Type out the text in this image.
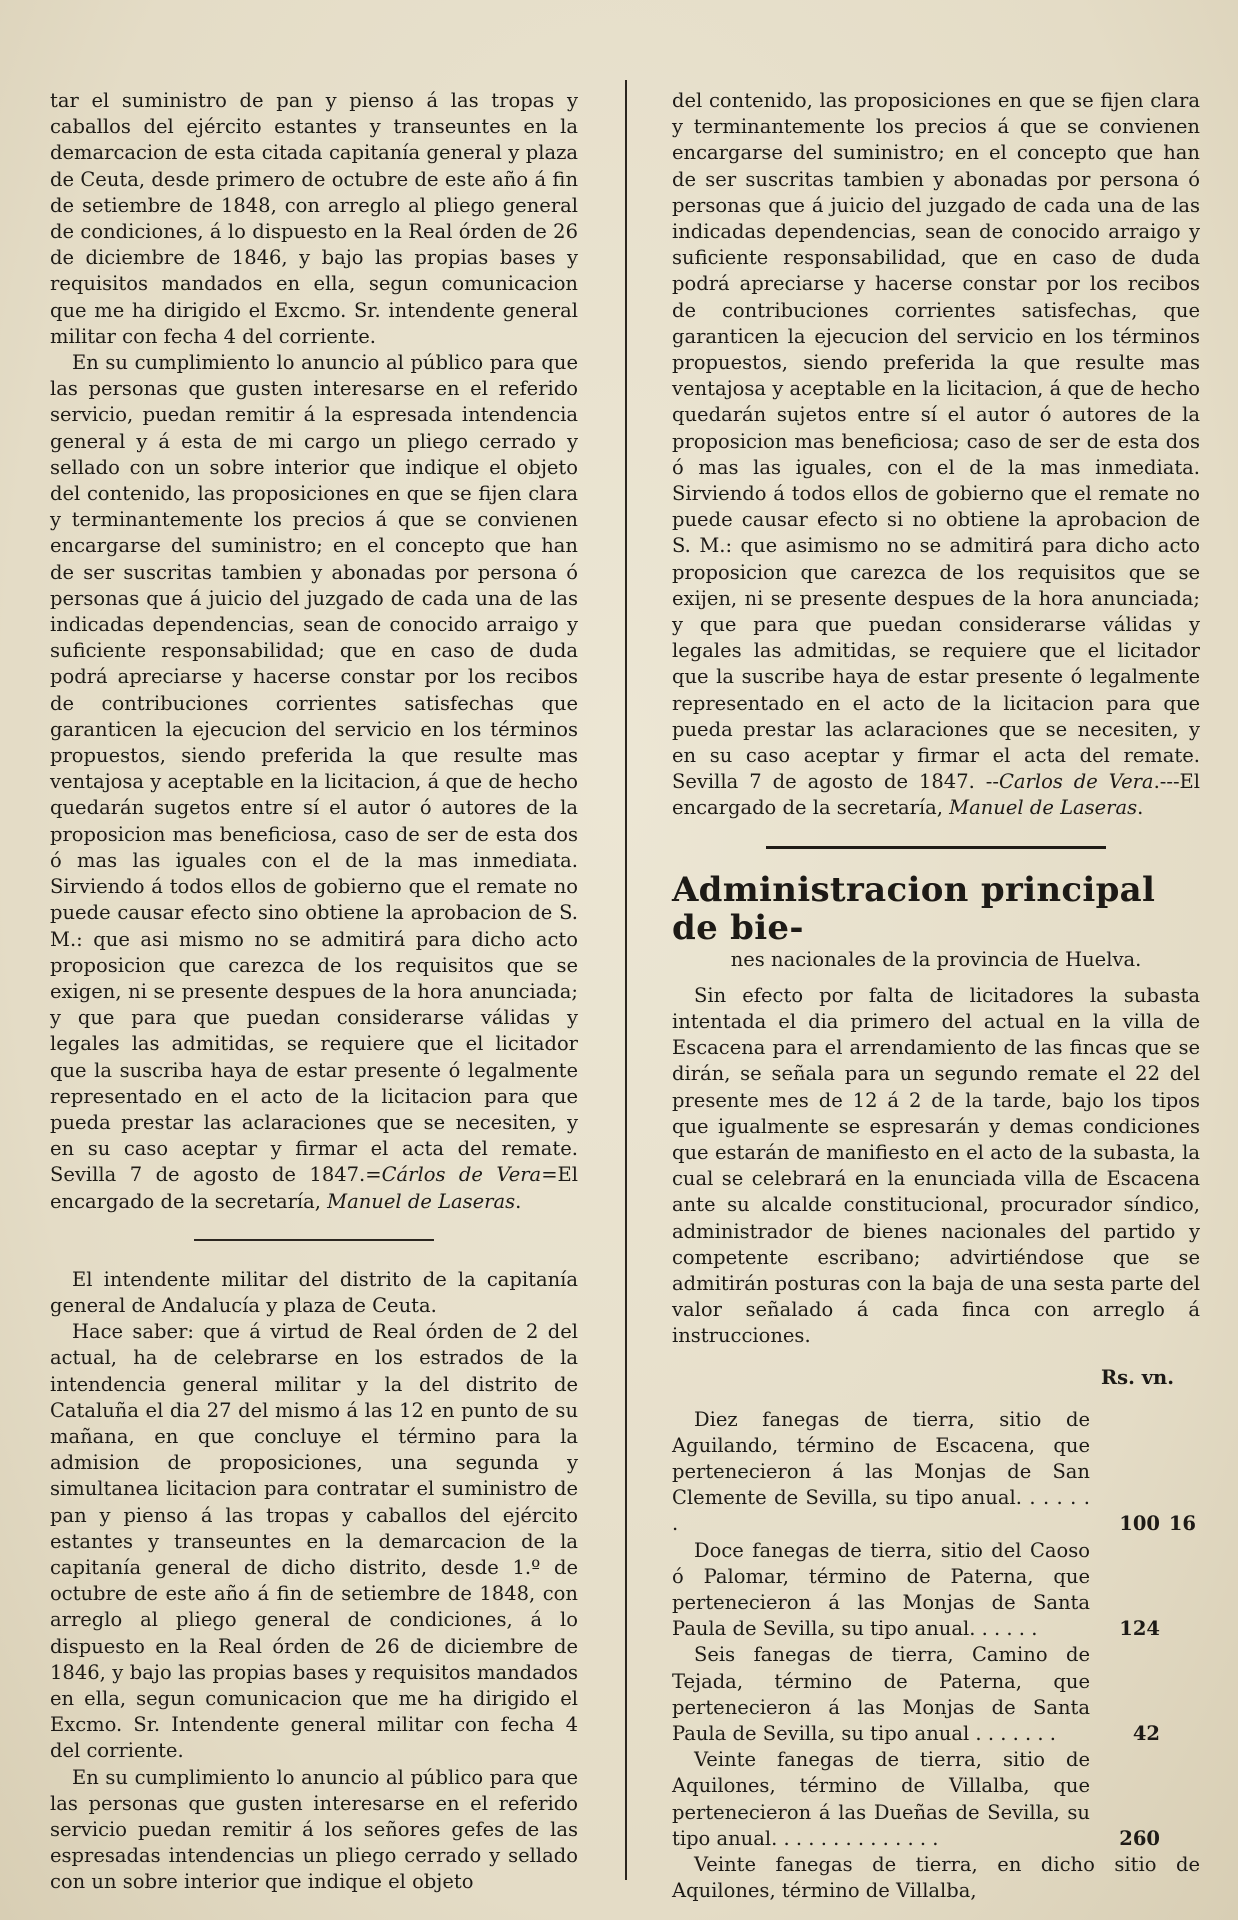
tar el suministro de pan y pienso á las tropas y caballos del ejército estantes y transeuntes en la demarcacion de esta citada capitanía general y plaza de Ceuta, desde primero de octubre de este año á fin de setiembre de 1848, con arreglo al pliego general de condiciones, á lo dispuesto en la Real órden de 26 de diciembre de 1846, y bajo las propias bases y requisitos mandados en ella, segun comunicacion que me ha dirigido el Excmo. Sr. intendente general militar con fecha 4 del corriente.

En su cumplimiento lo anuncio al público para que las personas que gusten interesarse en el referido servicio, puedan remitir á la espresada intendencia general y á esta de mi cargo un pliego cerrado y sellado con un sobre interior que indique el objeto del contenido, las proposiciones en que se fijen clara y terminantemente los precios á que se convienen encargarse del suministro; en el concepto que han de ser suscritas tambien y abonadas por persona ó personas que á juicio del juzgado de cada una de las indicadas dependencias, sean de conocido arraigo y suficiente responsabilidad; que en caso de duda podrá apreciarse y hacerse constar por los recibos de contribuciones corrientes satisfechas que garanticen la ejecucion del servicio en los términos propuestos, siendo preferida la que resulte mas ventajosa y aceptable en la licitacion, á que de hecho quedarán sugetos entre sí el autor ó autores de la proposicion mas beneficiosa, caso de ser de esta dos ó mas las iguales con el de la mas inmediata. Sirviendo á todos ellos de gobierno que el remate no puede causar efecto sino obtiene la aprobacion de S. M.: que asi mismo no se admitirá para dicho acto proposicion que carezca de los requisitos que se exigen, ni se presente despues de la hora anunciada; y que para que puedan considerarse válidas y legales las admitidas, se requiere que el licitador que la suscriba haya de estar presente ó legalmente representado en el acto de la licitacion para que pueda prestar las aclaraciones que se necesiten, y en su caso aceptar y firmar el acta del remate. Sevilla 7 de agosto de 1847.=Cárlos de Vera=El encargado de la secretaría, Manuel de Laseras.

El intendente militar del distrito de la capitanía general de Andalucía y plaza de Ceuta.

Hace saber: que á virtud de Real órden de 2 del actual, ha de celebrarse en los estrados de la intendencia general militar y la del distrito de Cataluña el dia 27 del mismo á las 12 en punto de su mañana, en que concluye el término para la admision de proposiciones, una segunda y simultanea licitacion para contratar el suministro de pan y pienso á las tropas y caballos del ejército estantes y transeuntes en la demarcacion de la capitanía general de dicho distrito, desde 1.º de octubre de este año á fin de setiembre de 1848, con arreglo al pliego general de condiciones, á lo dispuesto en la Real órden de 26 de diciembre de 1846, y bajo las propias bases y requisitos mandados en ella, segun comunicacion que me ha dirigido el Excmo. Sr. Intendente general militar con fecha 4 del corriente.

En su cumplimiento lo anuncio al público para que las personas que gusten interesarse en el referido servicio puedan remitir á los señores gefes de las espresadas intendencias un pliego cerrado y sellado con un sobre interior que indique el objeto

del contenido, las proposiciones en que se fijen clara y terminantemente los precios á que se convienen encargarse del suministro; en el concepto que han de ser suscritas tambien y abonadas por persona ó personas que á juicio del juzgado de cada una de las indicadas dependencias, sean de conocido arraigo y suficiente responsabilidad, que en caso de duda podrá apreciarse y hacerse constar por los recibos de contribuciones corrientes satisfechas, que garanticen la ejecucion del servicio en los términos propuestos, siendo preferida la que resulte mas ventajosa y aceptable en la licitacion, á que de hecho quedarán sujetos entre sí el autor ó autores de la proposicion mas beneficiosa; caso de ser de esta dos ó mas las iguales, con el de la mas inmediata. Sirviendo á todos ellos de gobierno que el remate no puede causar efecto si no obtiene la aprobacion de S. M.: que asimismo no se admitirá para dicho acto proposicion que carezca de los requisitos que se exijen, ni se presente despues de la hora anunciada; y que para que puedan considerarse válidas y legales las admitidas, se requiere que el licitador que la suscribe haya de estar presente ó legalmente representado en el acto de la licitacion para que pueda prestar las aclaraciones que se necesiten, y en su caso aceptar y firmar el acta del remate. Sevilla 7 de agosto de 1847. --Carlos de Vera.---El encargado de la secretaría, Manuel de Laseras.

Administracion principal de bie-
nes nacionales de la provincia de Huelva.

Sin efecto por falta de licitadores la subasta intentada el dia primero del actual en la villa de Escacena para el arrendamiento de las fincas que se dirán, se señala para un segundo remate el 22 del presente mes de 12 á 2 de la tarde, bajo los tipos que igualmente se espresarán y demas condiciones que estarán de manifiesto en el acto de la subasta, la cual se celebrará en la enunciada villa de Escacena ante su alcalde constitucional, procurador síndico, administrador de bienes nacionales del partido y competente escribano; advirtiéndose que se admitirán posturas con la baja de una sesta parte del valor señalado á cada finca con arreglo á instrucciones.

Rs. vn.
Diez fanegas de tierra, sitio de Aguilando, término de Escacena, que pertenecieron á las Monjas de San Clemente de Sevilla, su tipo anual. . . . . . .	100 16
Doce fanegas de tierra, sitio del Caoso ó Palomar, término de Paterna, que pertenecieron á las Monjas de Santa Paula de Sevilla, su tipo anual. . . . . .	124
Seis fanegas de tierra, Camino de Tejada, término de Paterna, que pertenecieron á las Monjas de Santa Paula de Sevilla, su tipo anual . . . . . . .	42
Veinte fanegas de tierra, sitio de Aquilones, término de Villalba, que pertenecieron á las Dueñas de Sevilla, su tipo anual. . . . . . . . . . . . . .	260
Veinte fanegas de tierra, en dicho sitio de Aquilones, término de Villalba,
